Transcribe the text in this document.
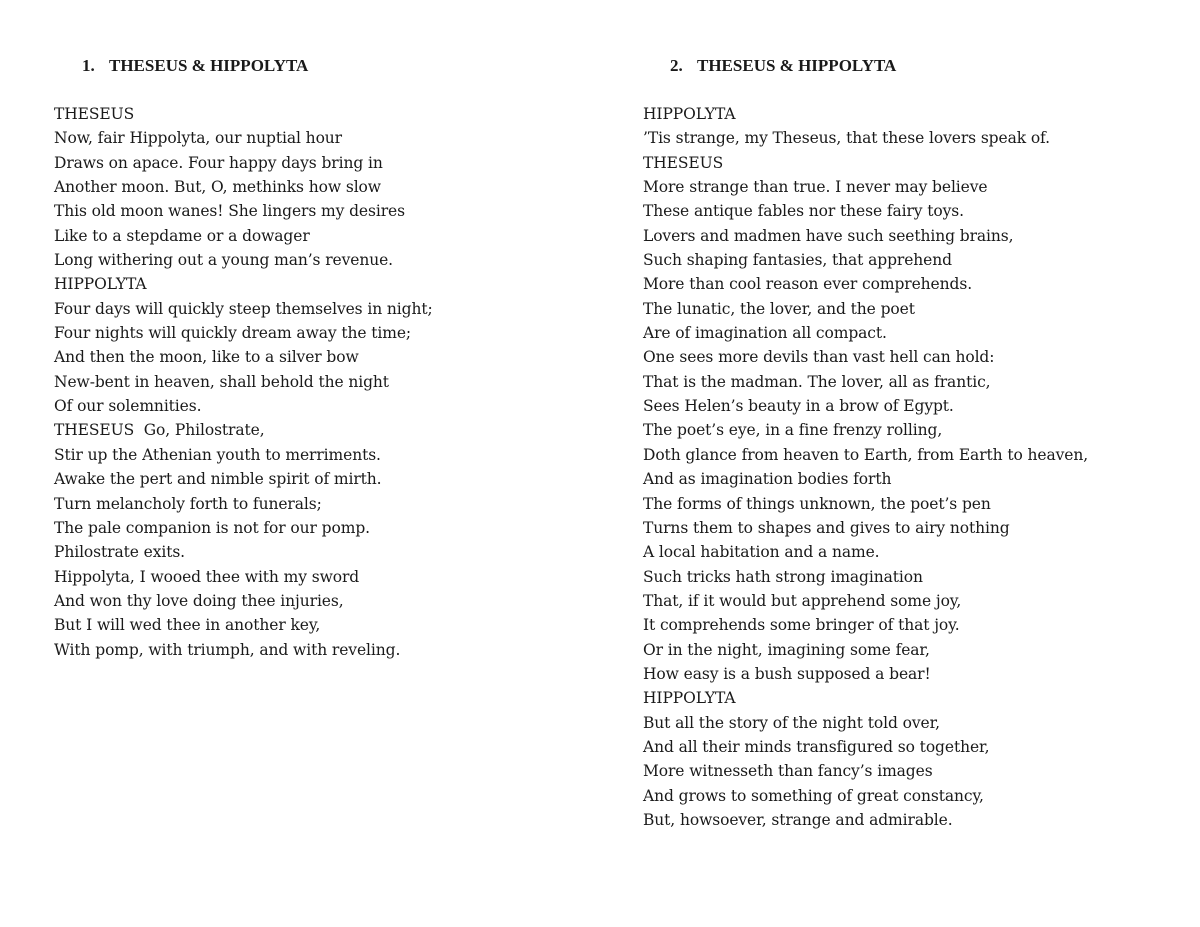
1. THESEUS & HIPPOLYTA
THESEUS
Now, fair Hippolyta, our nuptial hour
Draws on apace. Four happy days bring in
Another moon. But, O, methinks how slow
This old moon wanes! She lingers my desires
Like to a stepdame or a dowager
Long withering out a young man’s revenue.
HIPPOLYTA
Four days will quickly steep themselves in night;
Four nights will quickly dream away the time;
And then the moon, like to a silver bow
New-bent in heaven, shall behold the night
Of our solemnities.
THESEUS  Go, Philostrate,
Stir up the Athenian youth to merriments.
Awake the pert and nimble spirit of mirth.
Turn melancholy forth to funerals;
The pale companion is not for our pomp.
Philostrate exits.
Hippolyta, I wooed thee with my sword
And won thy love doing thee injuries,
But I will wed thee in another key,
With pomp, with triumph, and with reveling.
2. THESEUS & HIPPOLYTA
HIPPOLYTA
’Tis strange, my Theseus, that these lovers speak of.
THESEUS
More strange than true. I never may believe
These antique fables nor these fairy toys.
Lovers and madmen have such seething brains,
Such shaping fantasies, that apprehend
More than cool reason ever comprehends.
The lunatic, the lover, and the poet
Are of imagination all compact.
One sees more devils than vast hell can hold:
That is the madman. The lover, all as frantic,
Sees Helen’s beauty in a brow of Egypt.
The poet’s eye, in a fine frenzy rolling,
Doth glance from heaven to Earth, from Earth to heaven,
And as imagination bodies forth
The forms of things unknown, the poet’s pen
Turns them to shapes and gives to airy nothing
A local habitation and a name.
Such tricks hath strong imagination
That, if it would but apprehend some joy,
It comprehends some bringer of that joy.
Or in the night, imagining some fear,
How easy is a bush supposed a bear!
HIPPOLYTA
But all the story of the night told over,
And all their minds transfigured so together,
More witnesseth than fancy’s images
And grows to something of great constancy,
But, howsoever, strange and admirable.
